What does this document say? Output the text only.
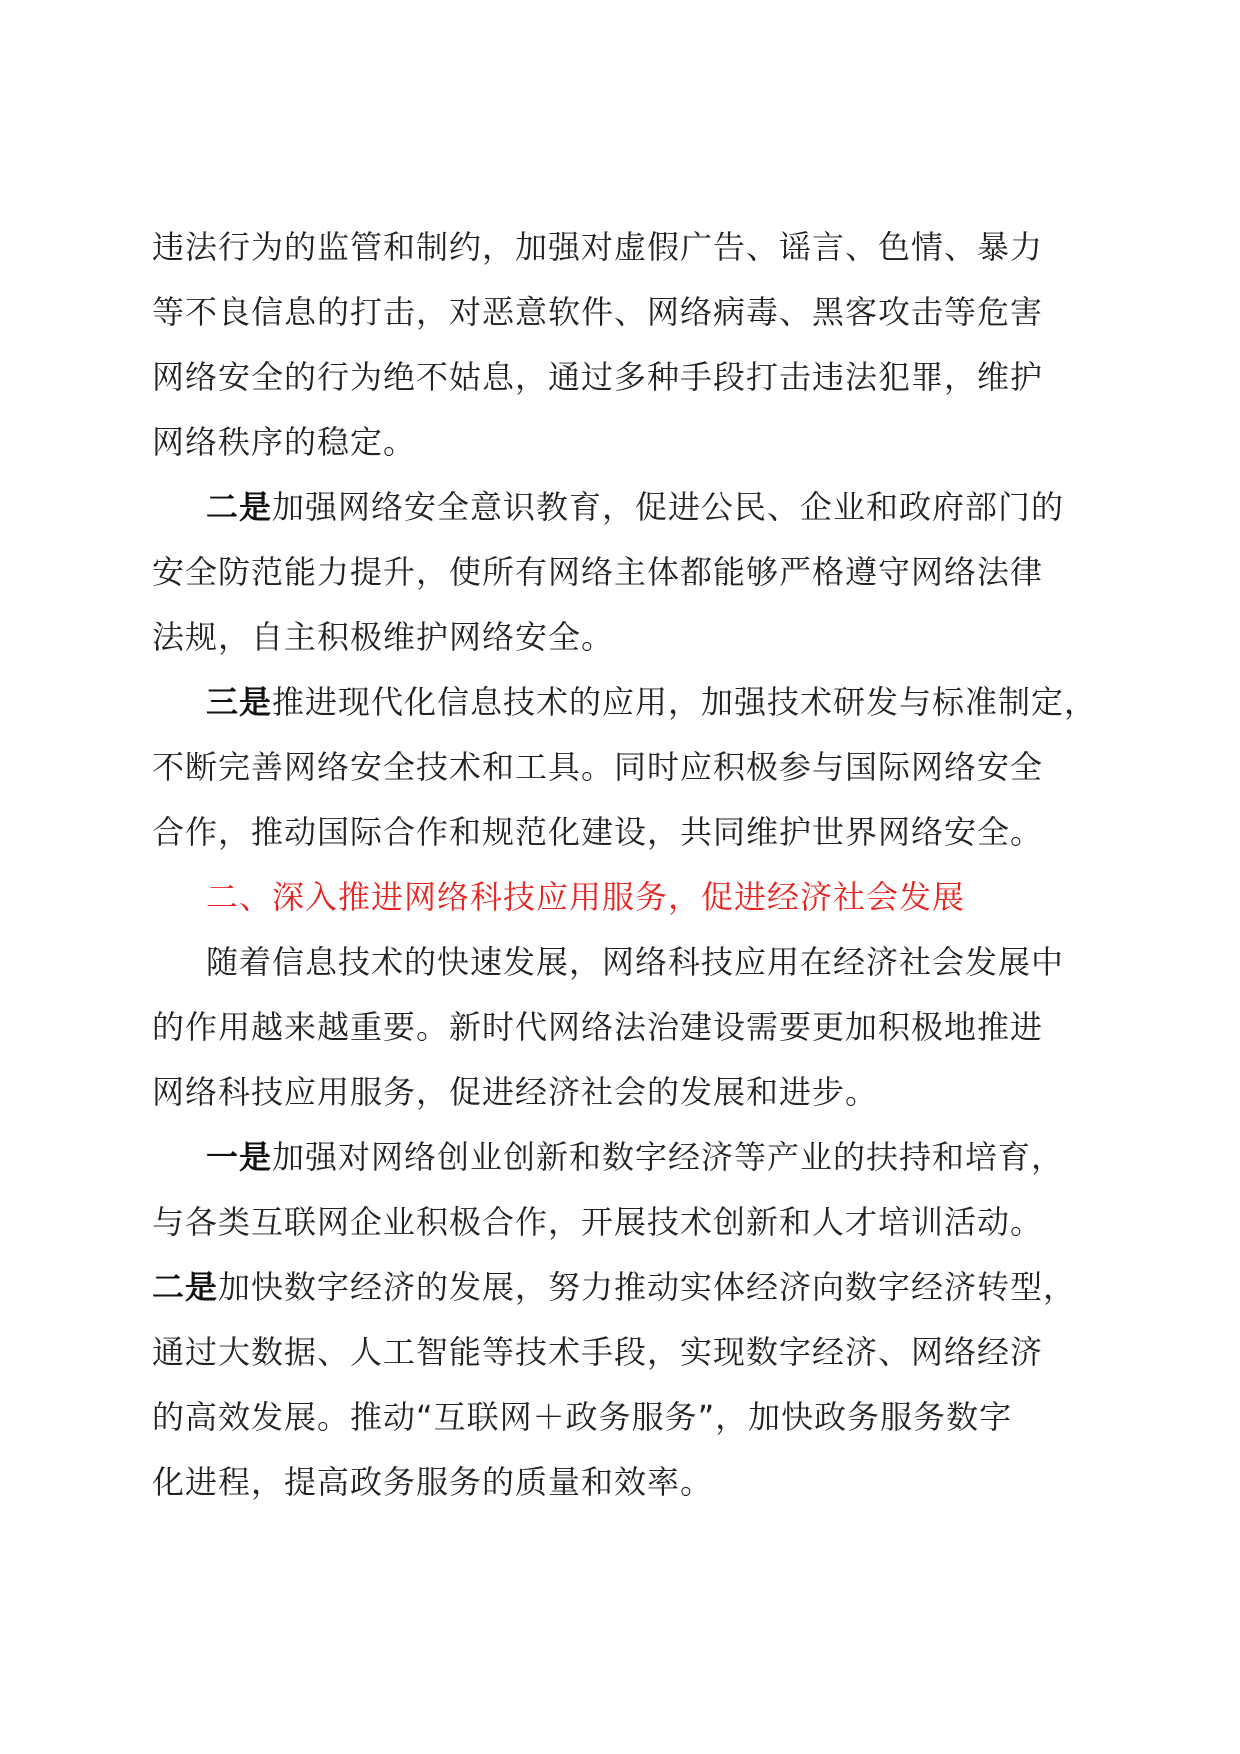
违法行为的监管和制约，加强对虚假广告、谣言、色情、暴力
等不良信息的打击，对恶意软件、网络病毒、黑客攻击等危害
网络安全的行为绝不姑息，通过多种手段打击违法犯罪，维护
网络秩序的稳定。
二是加强网络安全意识教育，促进公民、企业和政府部门的
安全防范能力提升，使所有网络主体都能够严格遵守网络法律
法规，自主积极维护网络安全。
三是推进现代化信息技术的应用，加强技术研发与标准制定，
不断完善网络安全技术和工具。同时应积极参与国际网络安全
合作，推动国际合作和规范化建设，共同维护世界网络安全。
二、深入推进网络科技应用服务，促进经济社会发展
随着信息技术的快速发展，网络科技应用在经济社会发展中
的作用越来越重要。新时代网络法治建设需要更加积极地推进
网络科技应用服务，促进经济社会的发展和进步。
一是加强对网络创业创新和数字经济等产业的扶持和培育，
与各类互联网企业积极合作，开展技术创新和人才培训活动。
二是加快数字经济的发展，努力推动实体经济向数字经济转型，
通过大数据、人工智能等技术手段，实现数字经济、网络经济
的高效发展。推动“互联网＋政务服务”，加快政务服务数字
化进程，提高政务服务的质量和效率。
